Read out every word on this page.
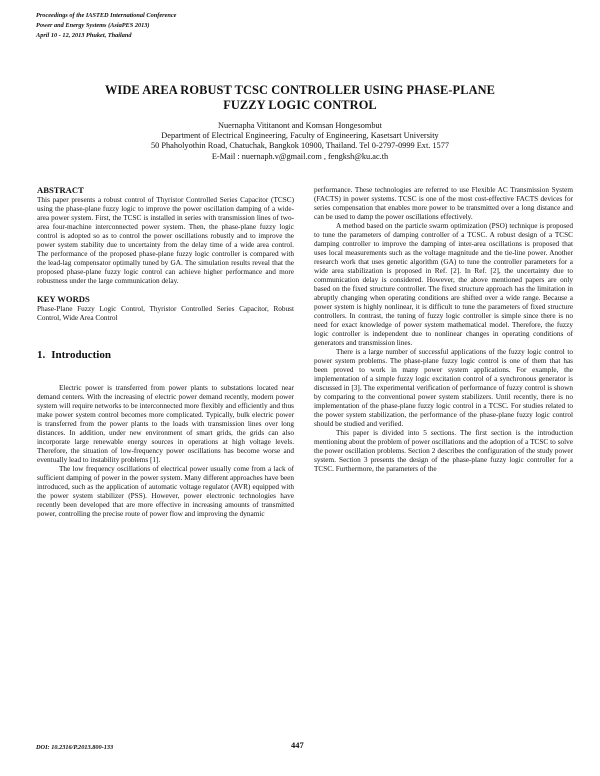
Proceedings of the IASTED International Conference
Power and Energy Systems (AsiaPES 2013)
April 10 - 12, 2013 Phuket, Thailand
WIDE AREA ROBUST TCSC CONTROLLER USING PHASE-PLANE
FUZZY LOGIC CONTROL
Nuernapha Vititanont and Komsan Hongesombut
Department of Electrical Engineering, Faculty of Engineering, Kasetsart University
50 Phaholyothin Road, Chatuchak, Bangkok 10900, Thailand. Tel 0-2797-0999 Ext. 1577
E-Mail : nuernaph.v@gmail.com , fengksh@ku.ac.th
ABSTRACT

This paper presents a robust control of Thyristor Controlled Series Capacitor (TCSC) using the phase-plane fuzzy logic to improve the power oscillation damping of a wide-area power system. First, the TCSC is installed in series with transmission lines of two-area four-machine interconnected power system. Then, the phase-plane fuzzy logic control is adopted so as to control the power oscillations robustly and to improve the power system stability due to uncertainty from the delay time of a wide area control. The performance of the proposed phase-plane fuzzy logic controller is compared with the lead-lag compensator optimally tuned by GA. The simulation results reveal that the proposed phase-plane fuzzy logic control can achieve higher performance and more robustness under the large communication delay.

KEY WORDS

Phase-Plane Fuzzy Logic Control, Thyristor Controlled Series Capacitor, Robust Control, Wide Area Control

1. Introduction

Electric power is transferred from power plants to substations located near demand centers. With the increasing of electric power demand recently, modern power system will require networks to be interconnected more flexibly and efficiently and thus make power system control becomes more complicated. Typically, bulk electric power is transferred from the power plants to the loads with transmission lines over long distances. In addition, under new environment of smart grids, the grids can also incorporate large renewable energy sources in operations at high voltage levels. Therefore, the situation of low-frequency power oscillations has become worse and eventually lead to instability problems [1].

The low frequency oscillations of electrical power usually come from a lack of sufficient damping of power in the power system. Many different approaches have been introduced, such as the application of automatic voltage regulator (AVR) equipped with the power system stabilizer (PSS). However, power electronic technologies have recently been developed that are more effective in increasing amounts of transmitted power, controlling the precise route of power flow and improving the dynamic

performance. These technologies are referred to use Flexible AC Transmission System (FACTS) in power systems. TCSC is one of the most cost-effective FACTS devices for series compensation that enables more power to be transmitted over a long distance and can be used to damp the power oscillations effectively.

A method based on the particle swarm optimization (PSO) technique is proposed to tune the parameters of damping controller of a TCSC. A robust design of a TCSC damping controller to improve the damping of inter-area oscillations is proposed that uses local measurements such as the voltage magnitude and the tie-line power. Another research work that uses genetic algorithm (GA) to tune the controller parameters for a wide area stabilization is proposed in Ref. [2]. In Ref. [2], the uncertainty due to communication delay is considered. However, the above mentioned papers are only based on the fixed structure controller. The fixed structure approach has the limitation in abruptly changing when operating conditions are shifted over a wide range. Because a power system is highly nonlinear, it is difficult to tune the parameters of fixed structure controllers. In contrast, the tuning of fuzzy logic controller is simple since there is no need for exact knowledge of power system mathematical model. Therefore, the fuzzy logic controller is independent due to nonlinear changes in operating conditions of generators and transmission lines.

There is a large number of successful applications of the fuzzy logic control to power system problems. The phase-plane fuzzy logic control is one of them that has been proved to work in many power system applications. For example, the implementation of a simple fuzzy logic excitation control of a synchronous generator is discussed in [3]. The experimental verification of performance of fuzzy control is shown by comparing to the conventional power system stabilizers. Until recently, there is no implementation of the phase-plane fuzzy logic control in a TCSC. For studies related to the power system stabilization, the performance of the phase-plane fuzzy logic control should be studied and verified.

This paper is divided into 5 sections. The first section is the introduction mentioning about the problem of power oscillations and the adoption of a TCSC to solve the power oscillation problems. Section 2 describes the configuration of the study power system. Section 3 presents the design of the phase-plane fuzzy logic controller for a TCSC. Furthermore, the parameters of the

DOI: 10.2316/P.2013.800-133	447
